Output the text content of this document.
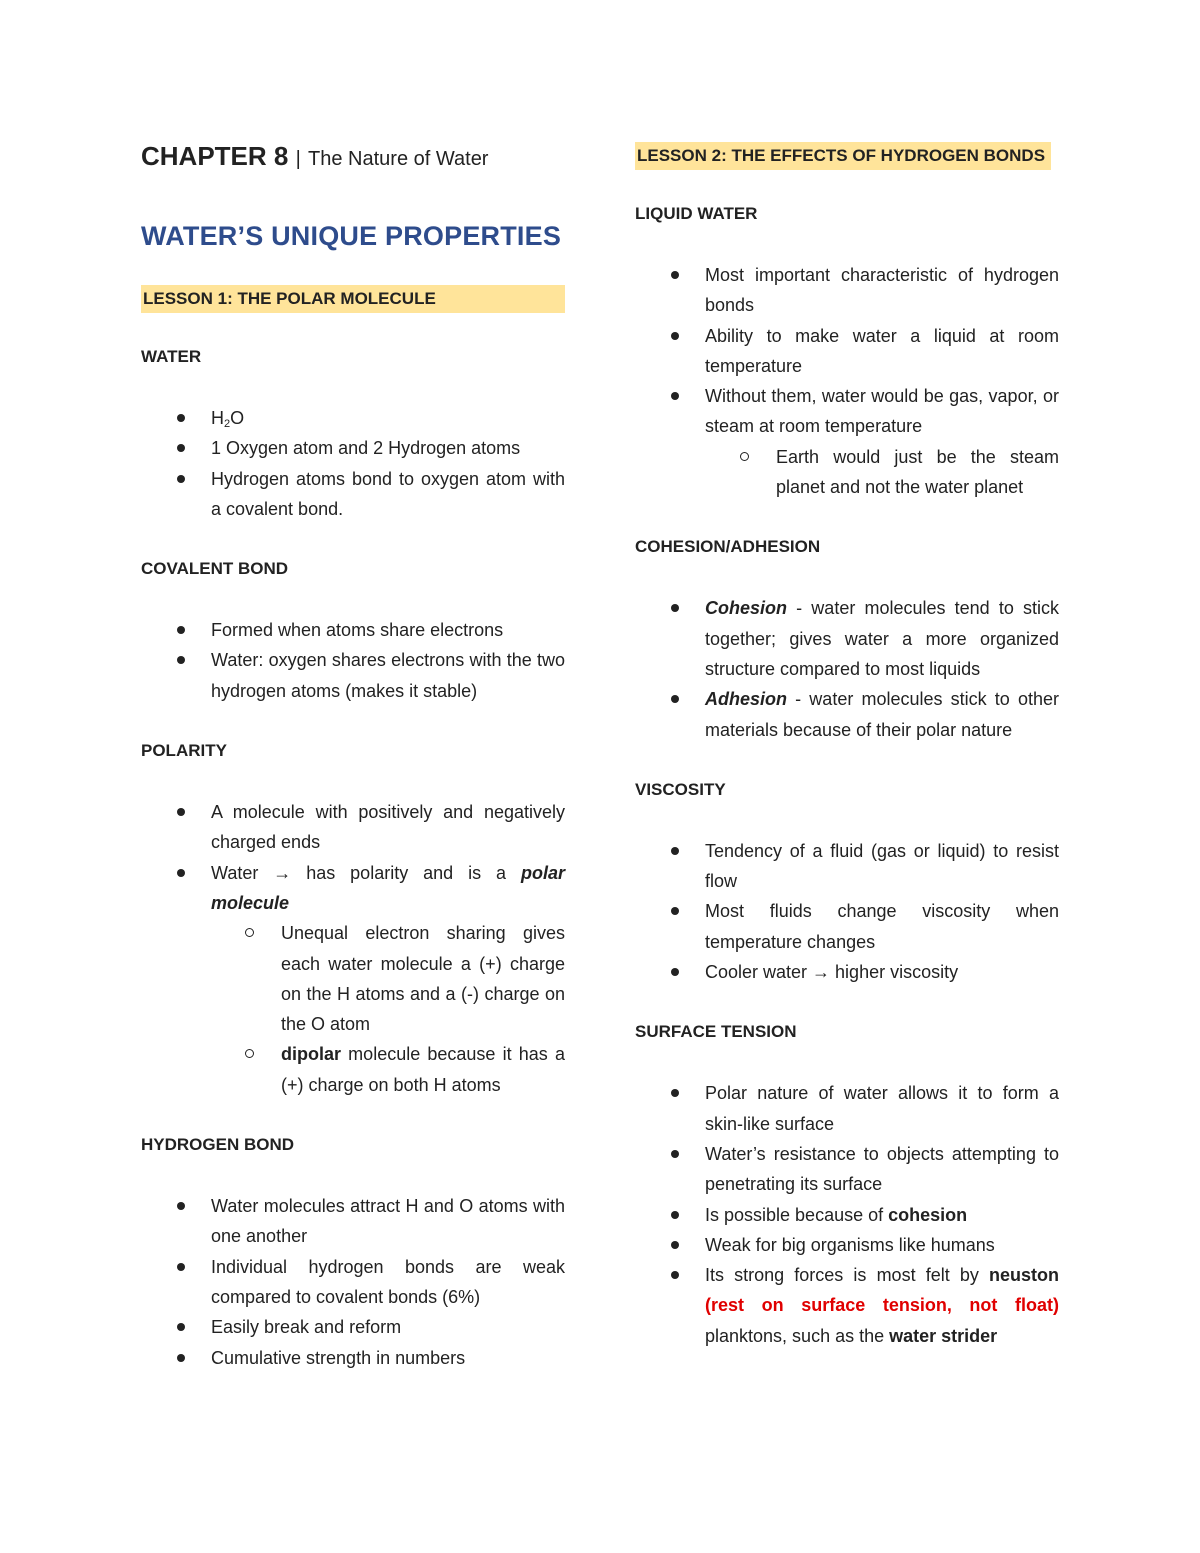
CHAPTER 8 | The Nature of Water
WATER’S UNIQUE PROPERTIES
LESSON 1: THE POLAR MOLECULE
WATER
$H_2O$
1 Oxygen atom and 2 Hydrogen atoms
Hydrogen atoms bond to oxygen atom with a covalent bond.
COVALENT BOND
Formed when atoms share electrons
Water: oxygen shares electrons with the two hydrogen atoms (makes it stable)
POLARITY
A molecule with positively and negatively charged ends
Water → has polarity and is a polar molecule
Unequal electron sharing gives each water molecule a (+) charge on the H atoms and a (-) charge on the O atom
dipolar molecule because it has a (+) charge on both H atoms
HYDROGEN BOND
Water molecules attract H and O atoms with one another
Individual hydrogen bonds are weak compared to covalent bonds (6%)
Easily break and reform
Cumulative strength in numbers
LESSON 2: THE EFFECTS OF HYDROGEN BONDS
LIQUID WATER
Most important characteristic of hydrogen bonds
Ability to make water a liquid at room temperature
Without them, water would be gas, vapor, or steam at room temperature
Earth would just be the steam planet and not the water planet
COHESION/ADHESION
Cohesion - water molecules tend to stick together; gives water a more organized structure compared to most liquids
Adhesion - water molecules stick to other materials because of their polar nature
VISCOSITY
Tendency of a fluid (gas or liquid) to resist flow
Most fluids change viscosity when temperature changes
Cooler water → higher viscosity
SURFACE TENSION
Polar nature of water allows it to form a skin-like surface
Water’s resistance to objects attempting to penetrating its surface
Is possible because of cohesion
Weak for big organisms like humans
Its strong forces is most felt by neuston (rest on surface tension, not float) planktons, such as the water strider
